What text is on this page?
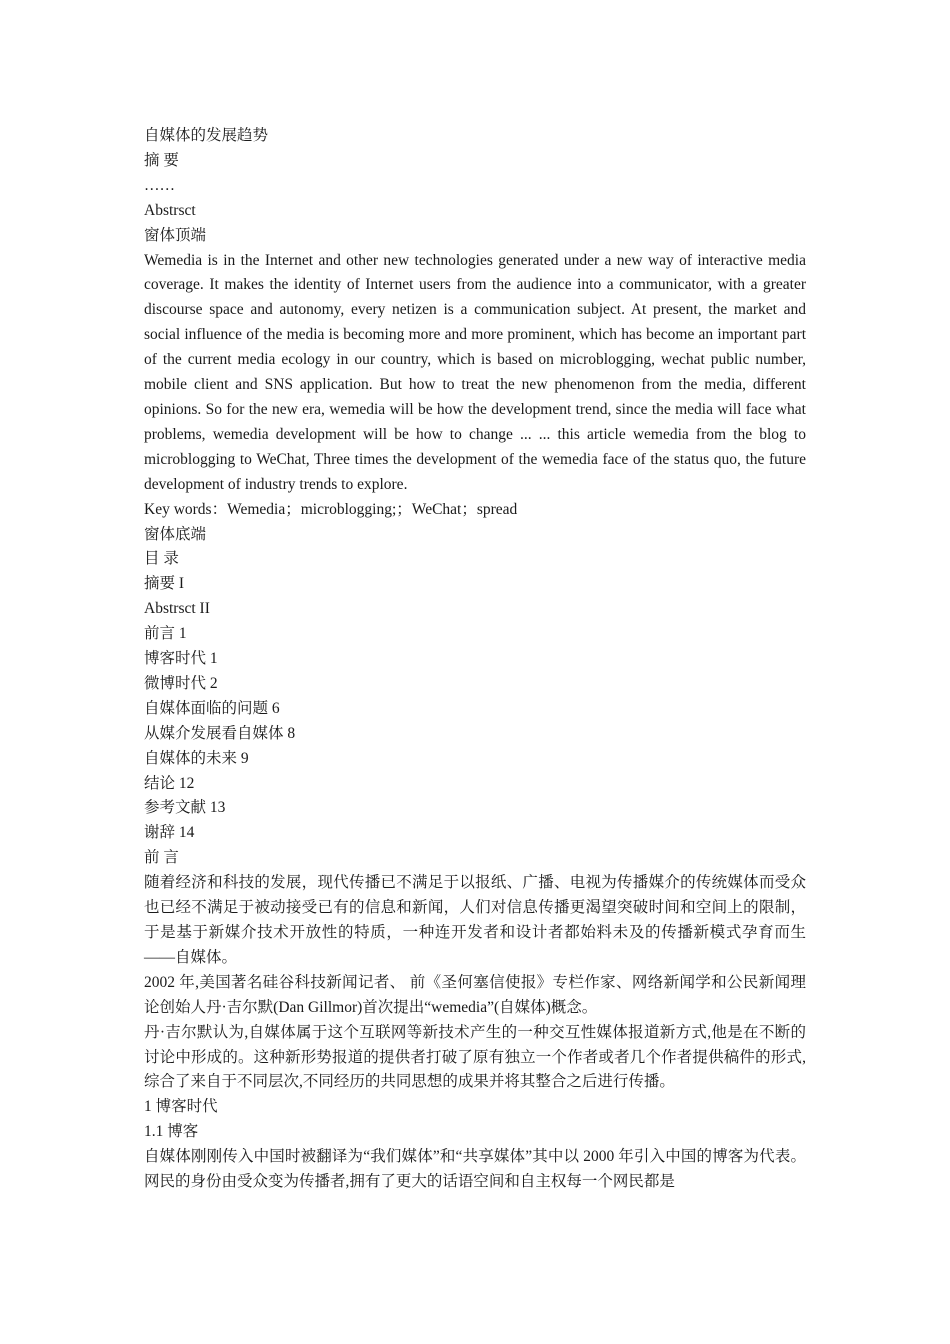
自媒体的发展趋势
摘 要
……
Abstrsct
窗体顶端
Wemedia is in the Internet and other new technologies generated under a new way of interactive media coverage. It makes the identity of Internet users from the audience into a communicator, with a greater discourse space and autonomy, every netizen is a communication subject. At present, the market and social influence of the media is becoming more and more prominent, which has become an important part of the current media ecology in our country, which is based on microblogging, wechat public number, mobile client and SNS application. But how to treat the new phenomenon from the media, different opinions. So for the new era, wemedia will be how the development trend, since the media will face what problems, wemedia development will be how to change ... ... this article wemedia from the blog to microblogging to WeChat, Three times the development of the wemedia face of the status quo, the future development of industry trends to explore.
Key words：Wemedia；microblogging;；WeChat；spread
窗体底端
目 录
摘要 I
Abstrsct II
前言 1
博客时代 1
微博时代 2
自媒体面临的问题 6
从媒介发展看自媒体 8
自媒体的未来 9
结论 12
参考文献 13
谢辞 14
前 言
随着经济和科技的发展，现代传播已不满足于以报纸、广播、电视为传播媒介的传统媒体而受众也已经不满足于被动接受已有的信息和新闻，人们对信息传播更渴望突破时间和空间上的限制，于是基于新媒介技术开放性的特质，一种连开发者和设计者都始料未及的传播新模式孕育而生——自媒体。
2002 年,美国著名硅谷科技新闻记者、 前《圣何塞信使报》专栏作家、网络新闻学和公民新闻理论创始人丹·吉尔默(Dan Gillmor)首次提出“wemedia”(自媒体)概念。
丹·吉尔默认为,自媒体属于这个互联网等新技术产生的一种交互性媒体报道新方式,他是在不断的讨论中形成的。这种新形势报道的提供者打破了原有独立一个作者或者几个作者提供稿件的形式,综合了来自于不同层次,不同经历的共同思想的成果并将其整合之后进行传播。
1 博客时代
1.1 博客
自媒体刚刚传入中国时被翻译为“我们媒体”和“共享媒体”其中以 2000 年引入中国的博客为代表。网民的身份由受众变为传播者,拥有了更大的话语空间和自主权每一个网民都是
